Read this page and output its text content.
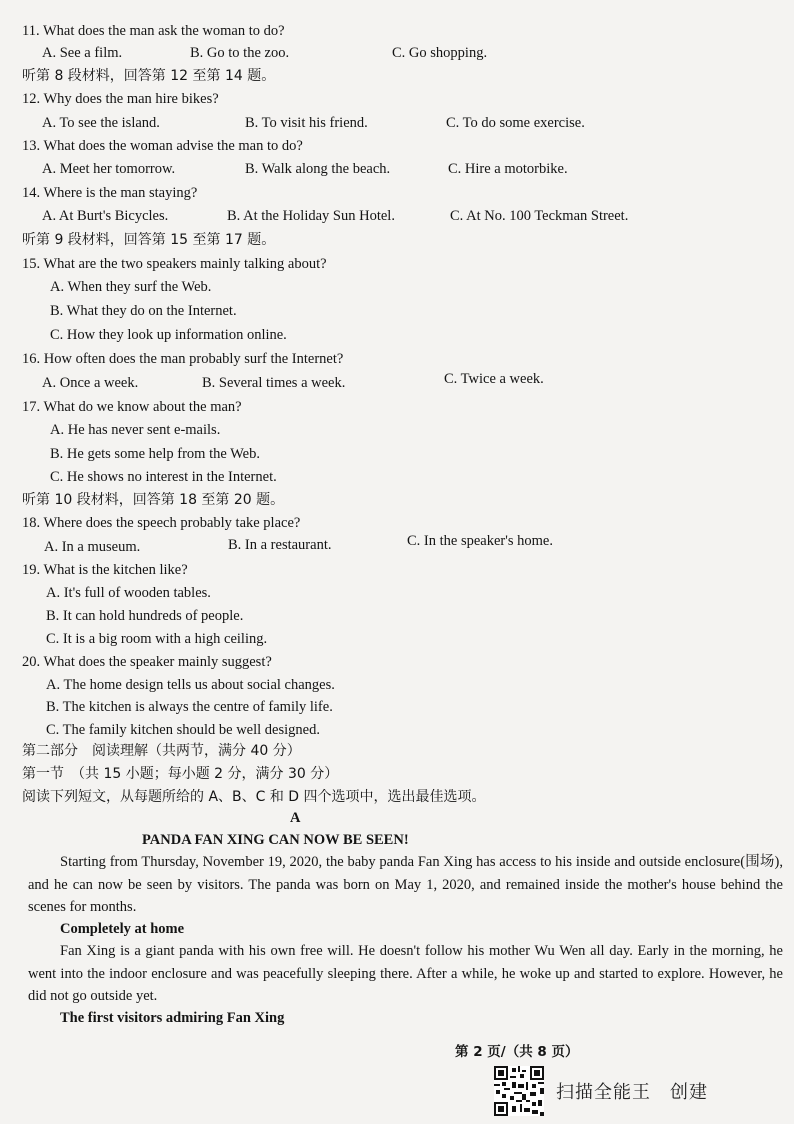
11. What does the man ask the woman to do?
A. See a film.	B. Go to the zoo.	C. Go shopping.
听第 8 段材料，回答第 12 至第 14 题。
12. Why does the man hire bikes?
A. To see the island.	B. To visit his friend.	C. To do some exercise.
13. What does the woman advise the man to do?
A. Meet her tomorrow.	B. Walk along the beach.	C. Hire a motorbike.
14. Where is the man staying?
A. At Burt's Bicycles.	B. At the Holiday Sun Hotel.	C. At No. 100 Teckman Street.
听第 9 段材料，回答第 15 至第 17 题。
15. What are the two speakers mainly talking about?
A. When they surf the Web.
B. What they do on the Internet.
C. How they look up information online.
16. How often does the man probably surf the Internet?
A. Once a week.	B. Several times a week.	C. Twice a week.
17. What do we know about the man?
A. He has never sent e-mails.
B. He gets some help from the Web.
C. He shows no interest in the Internet.
听第 10 段材料，回答第 18 至第 20 题。
18. Where does the speech probably take place?
A. In a museum.	B. In a restaurant.	C. In the speaker's home.
19. What is the kitchen like?
A. It's full of wooden tables.
B. It can hold hundreds of people.
C. It is a big room with a high ceiling.
20. What does the speaker mainly suggest?
A. The home design tells us about social changes.
B. The kitchen is always the centre of family life.
C. The family kitchen should be well designed.
第二部分　阅读理解（共两节，满分 40 分）
第一节　（共 15 小题；每小题 2 分，满分 30 分）
阅读下列短文，从每题所给的 A、B、C 和 D 四个选项中，选出最佳选项。
A
PANDA FAN XING CAN NOW BE SEEN!
Starting from Thursday, November 19, 2020, the baby panda Fan Xing has access to his inside and outside enclosure(围场), and he can now be seen by visitors. The panda was born on May 1, 2020, and remained inside the mother's house behind the scenes for months.
Completely at home
Fan Xing is a giant panda with his own free will. He doesn't follow his mother Wu Wen all day. Early in the morning, he went into the indoor enclosure and was peacefully sleeping there. After a while, he woke up and started to explore. However, he did not go outside yet.
The first visitors admiring Fan Xing
第 2 页/（共 8 页）
扫描全能王　创建
